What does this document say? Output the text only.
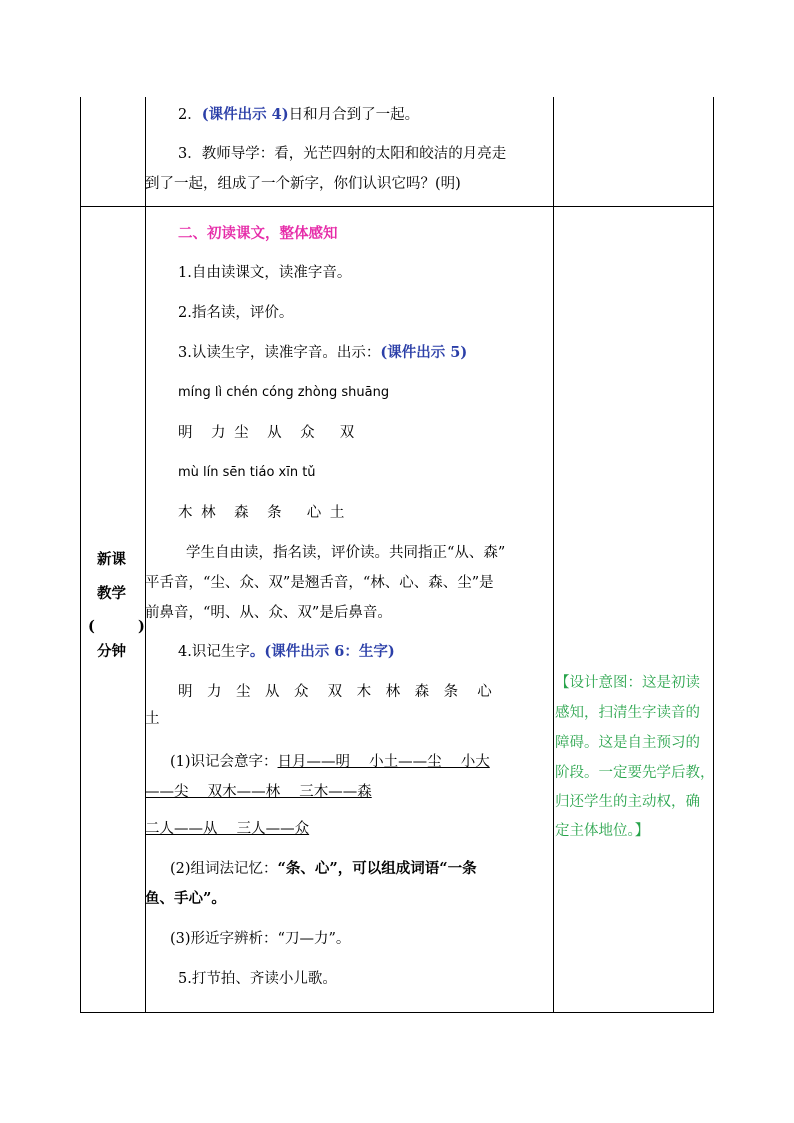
2．(课件出示 4)日和月合到了一起。
3．教师导学：看，光芒四射的太阳和皎洁的月亮走
到了一起，组成了一个新字，你们认识它吗？(明)
新课
教学
(	)
分钟
二、初读课文，整体感知
1.自由读课文，读准字音。
2.指名读，评价。
3.认读生字，读准字音。出示：(课件出示 5)
míng lì chén cóng zhòng shuāng
明　力 尘　从　众　 双
mù lín sēn tiáo xīn tǔ
木 林　森　条　 心 土
学生自由读，指名读，评价读。共同指正“从、森”
平舌音，“尘、众、双”是翘舌音，“林、心、森、尘”是
前鼻音，“明、从、众、双”是后鼻音。
4.识记生字。(课件出示 6：生字)
明　力　尘　从　众　 双　木　林　森　条　 心
土
(1)识记会意字：日月——明　 小土——尘　 小大
——尖　 双木——林　 三木——森
二人——从　 三人——众
(2)组词法记忆：“条、心”，可以组成词语“一条
鱼、手心”。
(3)形近字辨析：“刀—力”。
5.打节拍、齐读小儿歌。
【设计意图：这是初读
感知，扫清生字读音的
障碍。这是自主预习的
阶段。一定要先学后教，
归还学生的主动权，确
定主体地位。】
